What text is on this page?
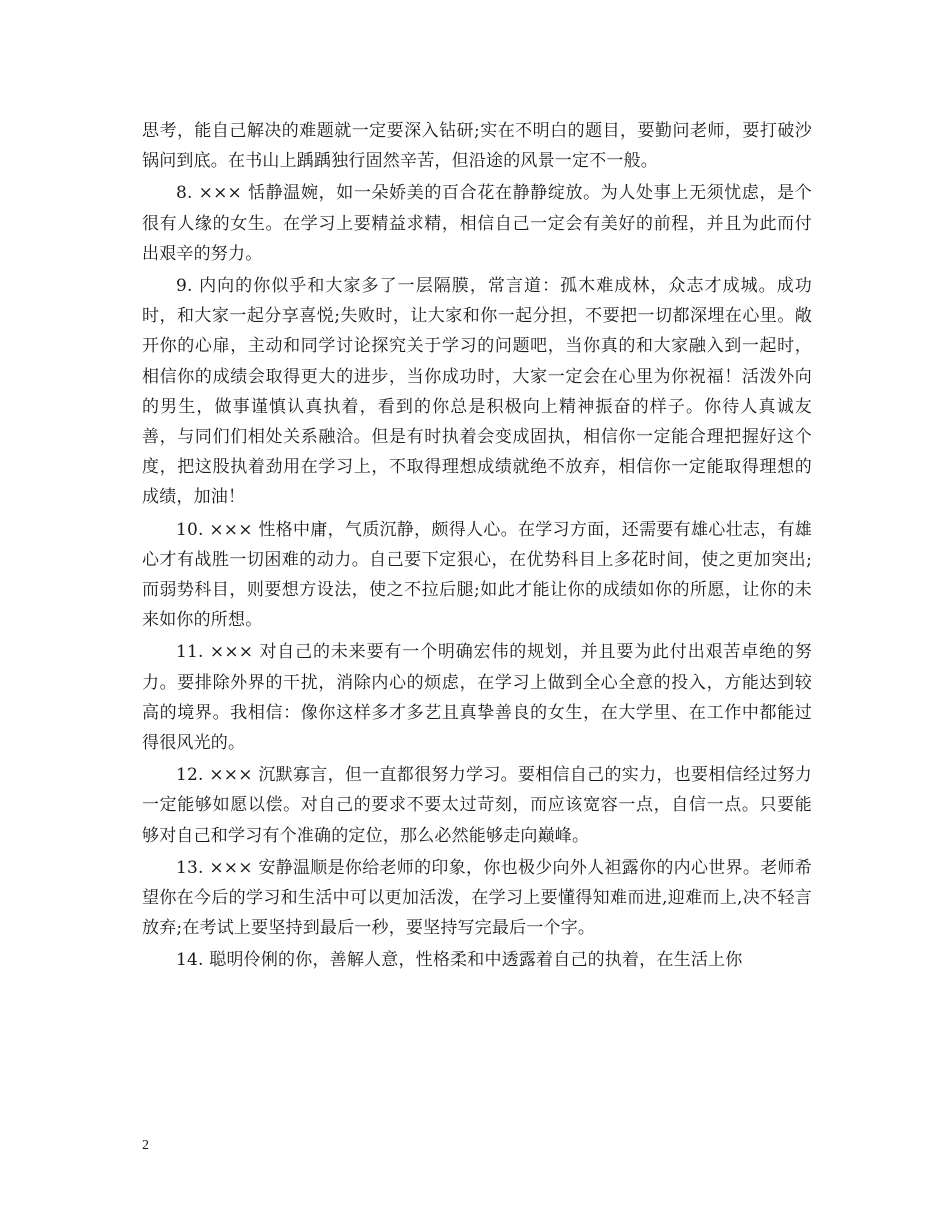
思考，能自己解决的难题就一定要深入钻研;实在不明白的题目，要勤问老师，要打破沙锅问到底。在书山上踽踽独行固然辛苦，但沿途的风景一定不一般。

8. ××× 恬静温婉，如一朵娇美的百合花在静静绽放。为人处事上无须忧虑，是个很有人缘的女生。在学习上要精益求精，相信自己一定会有美好的前程，并且为此而付出艰辛的努力。

9. 内向的你似乎和大家多了一层隔膜，常言道：孤木难成林，众志才成城。成功时，和大家一起分享喜悦;失败时，让大家和你一起分担，不要把一切都深埋在心里。敞开你的心扉，主动和同学讨论探究关于学习的问题吧，当你真的和大家融入到一起时，相信你的成绩会取得更大的进步，当你成功时，大家一定会在心里为你祝福！活泼外向的男生，做事谨慎认真执着，看到的你总是积极向上精神振奋的样子。你待人真诚友善，与同们们相处关系融洽。但是有时执着会变成固执，相信你一定能合理把握好这个度，把这股执着劲用在学习上，不取得理想成绩就绝不放弃，相信你一定能取得理想的成绩，加油！

10. ××× 性格中庸，气质沉静，颇得人心。在学习方面，还需要有雄心壮志，有雄心才有战胜一切困难的动力。自己要下定狠心，在优势科目上多花时间，使之更加突出;而弱势科目，则要想方设法，使之不拉后腿;如此才能让你的成绩如你的所愿，让你的未来如你的所想。

11. ××× 对自己的未来要有一个明确宏伟的规划，并且要为此付出艰苦卓绝的努力。要排除外界的干扰，消除内心的烦虑，在学习上做到全心全意的投入，方能达到较高的境界。我相信：像你这样多才多艺且真挚善良的女生，在大学里、在工作中都能过得很风光的。

12. ××× 沉默寡言，但一直都很努力学习。要相信自己的实力，也要相信经过努力一定能够如愿以偿。对自己的要求不要太过苛刻，而应该宽容一点，自信一点。只要能够对自己和学习有个准确的定位，那么必然能够走向巅峰。

13. ××× 安静温顺是你给老师的印象，你也极少向外人袒露你的内心世界。老师希望你在今后的学习和生活中可以更加活泼，在学习上要懂得知难而进,迎难而上,决不轻言放弃;在考试上要坚持到最后一秒，要坚持写完最后一个字。

14. 聪明伶俐的你，善解人意，性格柔和中透露着自己的执着，在生活上你

2
